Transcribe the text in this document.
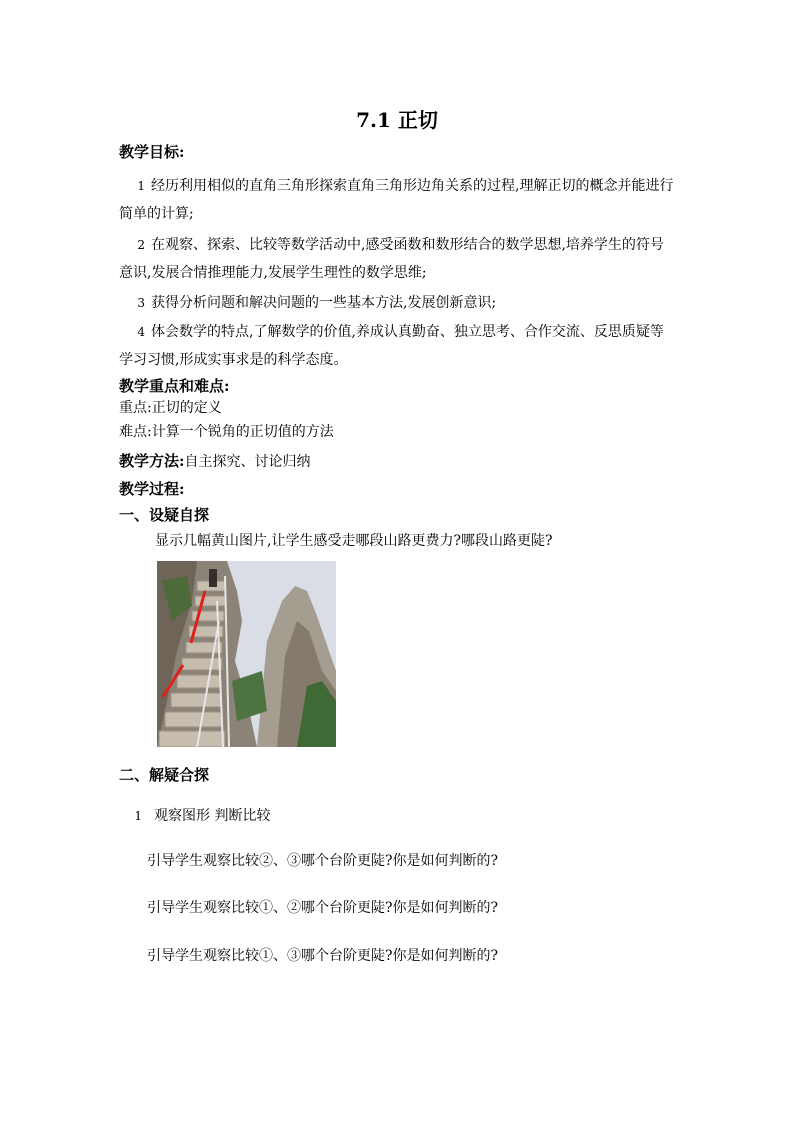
7.1 正切
教学目标:
1 经历利用相似的直角三角形探索直角三角形边角关系的过程,理解正切的概念并能进行
简单的计算;
2 在观察、探索、比较等数学活动中,感受函数和数形结合的数学思想,培养学生的符号
意识,发展合情推理能力,发展学生理性的数学思维;
3 获得分析问题和解决问题的一些基本方法,发展创新意识;
4 体会数学的特点,了解数学的价值,养成认真勤奋、独立思考、合作交流、反思质疑等
学习习惯,形成实事求是的科学态度。
教学重点和难点:
重点:正切的定义
难点:计算一个锐角的正切值的方法
教学方法:自主探究、讨论归纳
教学过程:
一、设疑自探
显示几幅黄山图片,让学生感受走哪段山路更费力?哪段山路更陡?
二、解疑合探
1 观察图形 判断比较
引导学生观察比较②、③哪个台阶更陡?你是如何判断的?
引导学生观察比较①、②哪个台阶更陡?你是如何判断的?
引导学生观察比较①、③哪个台阶更陡?你是如何判断的?
